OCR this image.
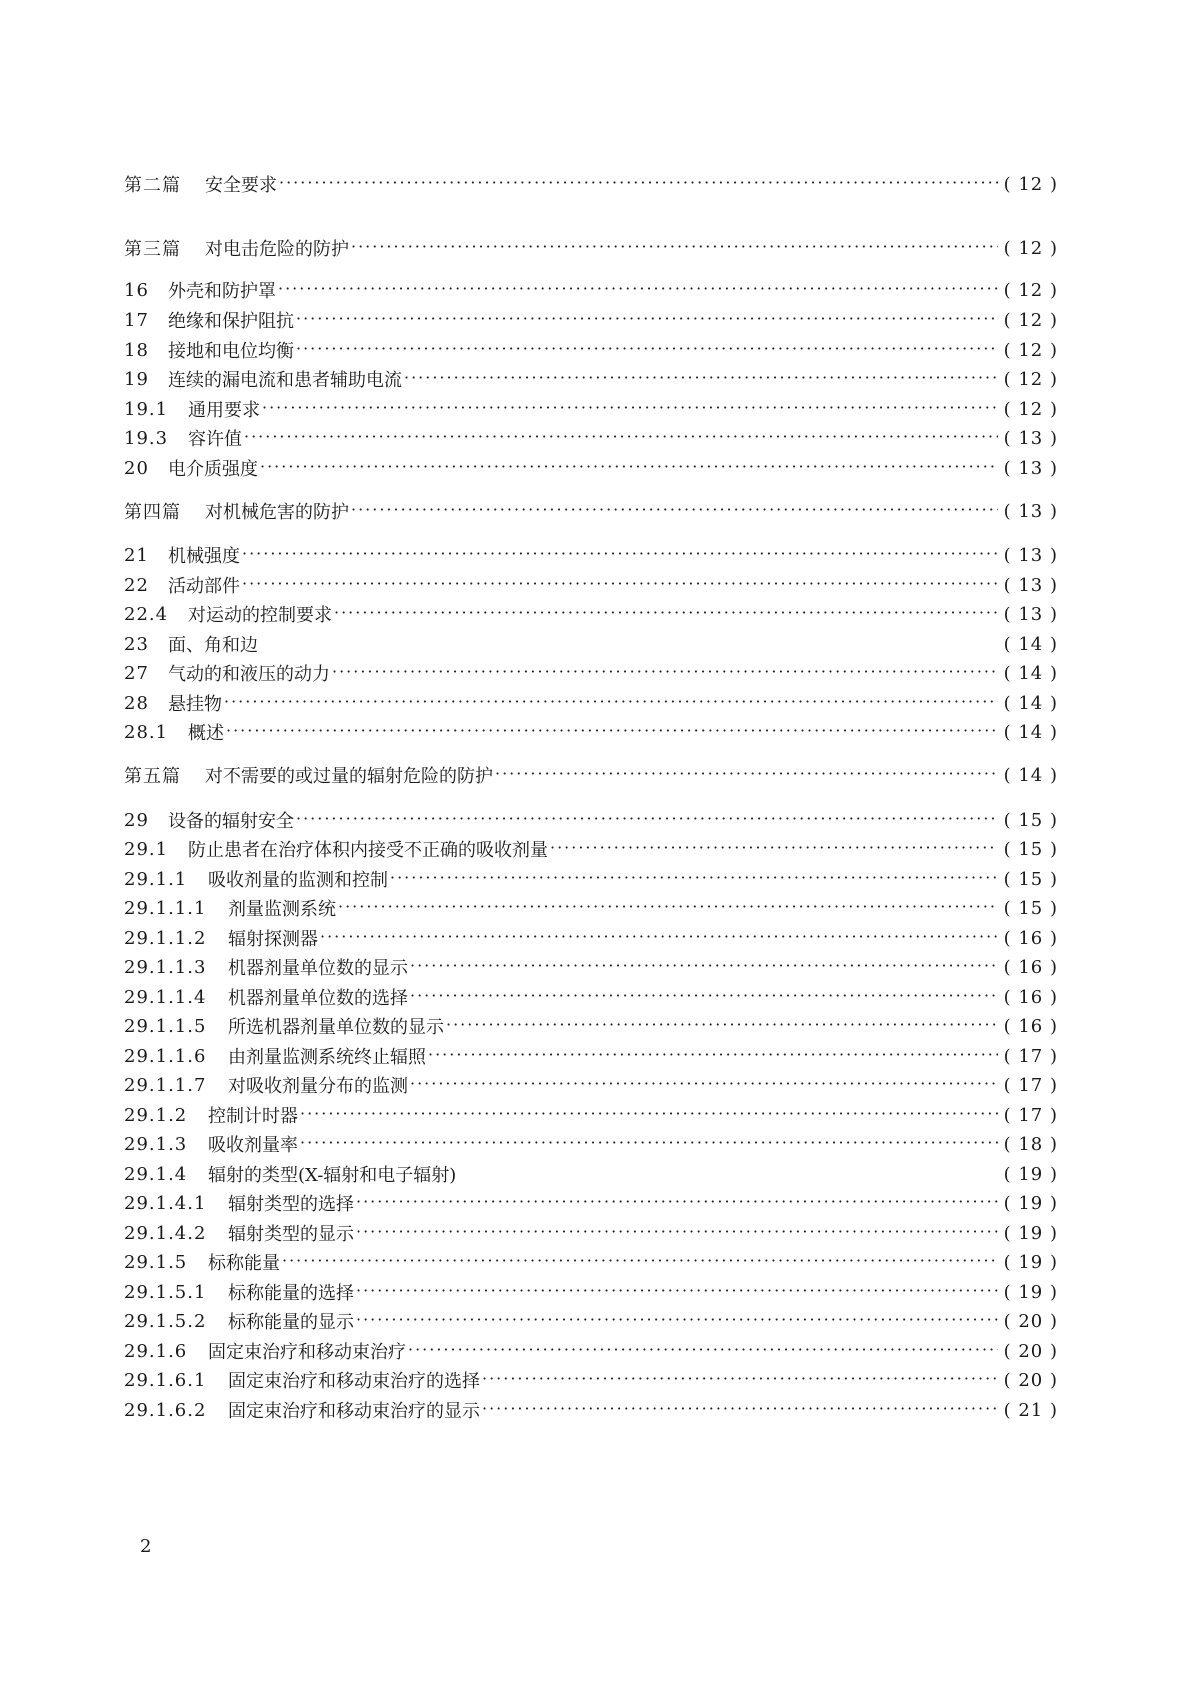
第二篇 安全要求 ·····	( 12 )
第三篇 对电击危险的防护 ·····	( 12 )
16	外壳和防护罩 ·····	( 12 )
17	绝缘和保护阻抗 ·····	( 12 )
18	接地和电位均衡 ·····	( 12 )
19	连续的漏电流和患者辅助电流 ·····	( 12 )
19.1	通用要求 ·····	( 12 )
19.3	容许值 ·····	( 13 )
20	电介质强度 ·····	( 13 )
第四篇 对机械危害的防护 ·····	( 13 )
21	机械强度 ·····	( 13 )
22	活动部件 ·····	( 13 )
22.4	对运动的控制要求 ·····	( 13 )
23	面、角和边	( 14 )
27	气动的和液压的动力 ·····	( 14 )
28	悬挂物 ·····	( 14 )
28.1	概述 ·····	( 14 )
第五篇 对不需要的或过量的辐射危险的防护 ·····	( 14 )
29	设备的辐射安全 ·····	( 15 )
29.1	防止患者在治疗体积内接受不正确的吸收剂量 ·····	( 15 )
29.1.1	吸收剂量的监测和控制 ·····	( 15 )
29.1.1.1	剂量监测系统 ·····	( 15 )
29.1.1.2	辐射探测器 ·····	( 16 )
29.1.1.3	机器剂量单位数的显示 ·····	( 16 )
29.1.1.4	机器剂量单位数的选择 ·····	( 16 )
29.1.1.5	所选机器剂量单位数的显示 ·····	( 16 )
29.1.1.6	由剂量监测系统终止辐照 ·····	( 17 )
29.1.1.7	对吸收剂量分布的监测 ·····	( 17 )
29.1.2	控制计时器 ·····	( 17 )
29.1.3	吸收剂量率 ·····	( 18 )
29.1.4	辐射的类型(X-辐射和电子辐射)	( 19 )
29.1.4.1	辐射类型的选择 ·····	( 19 )
29.1.4.2	辐射类型的显示 ·····	( 19 )
29.1.5	标称能量 ·····	( 19 )
29.1.5.1	标称能量的选择 ·····	( 19 )
29.1.5.2	标称能量的显示 ·····	( 20 )
29.1.6	固定束治疗和移动束治疗 ·····	( 20 )
29.1.6.1	固定束治疗和移动束治疗的选择 ·····	( 20 )
29.1.6.2	固定束治疗和移动束治疗的显示 ·····	( 21 )
2
